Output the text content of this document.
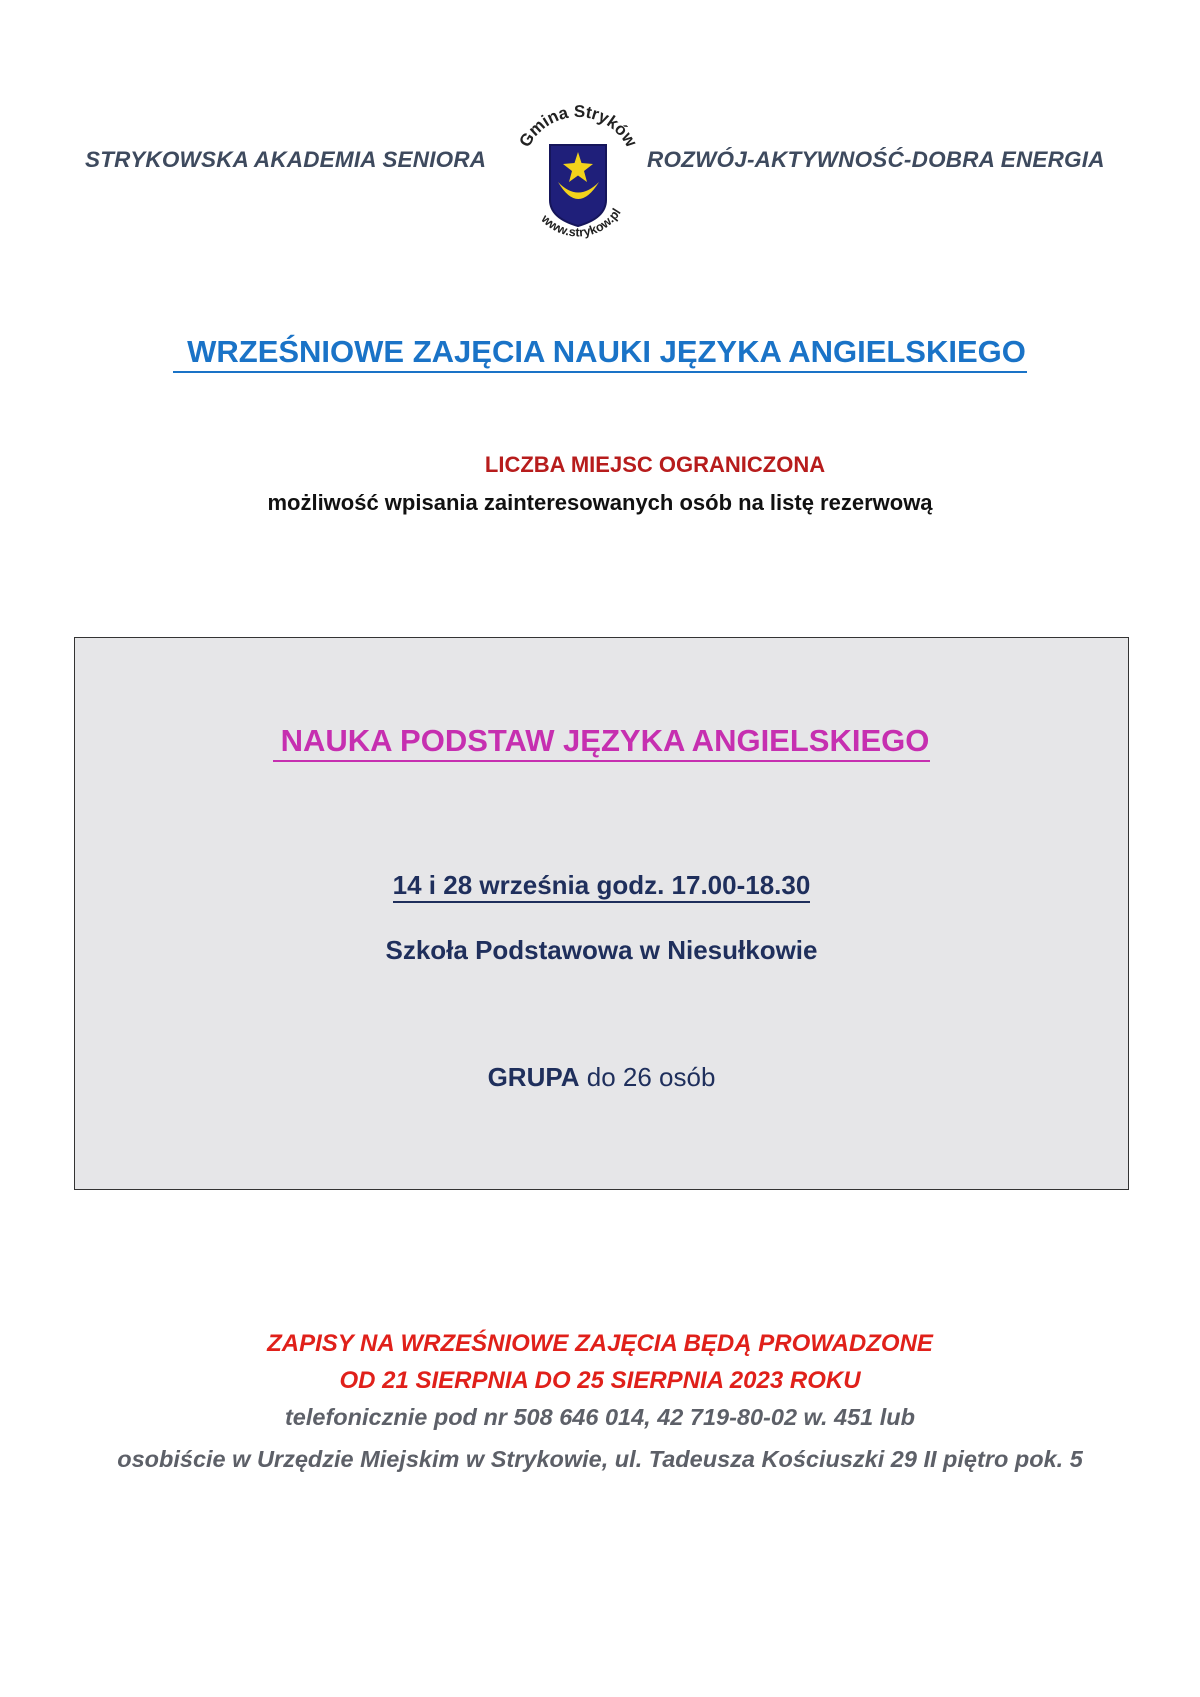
STRYKOWSKA AKADEMIA SENIORA
Gmina Stryków
www.strykow.pl
ROZWÓJ-AKTYWNOŚĆ-DOBRA ENERGIA
WRZEŚNIOWE ZAJĘCIA NAUKI JĘZYKA ANGIELSKIEGO
LICZBA MIEJSC OGRANICZONA
możliwość wpisania zainteresowanych osób na listę rezerwową
NAUKA PODSTAW JĘZYKA ANGIELSKIEGO
14 i 28 września godz. 17.00-18.30
Szkoła Podstawowa w Niesułkowie
GRUPA do 26 osób
ZAPISY NA WRZEŚNIOWE ZAJĘCIA BĘDĄ PROWADZONE
OD 21 SIERPNIA DO 25 SIERPNIA 2023 ROKU
telefonicznie pod nr 508 646 014, 42 719-80-02 w. 451 lub
osobiście w Urzędzie Miejskim w Strykowie, ul. Tadeusza Kościuszki 29 II piętro pok. 5
